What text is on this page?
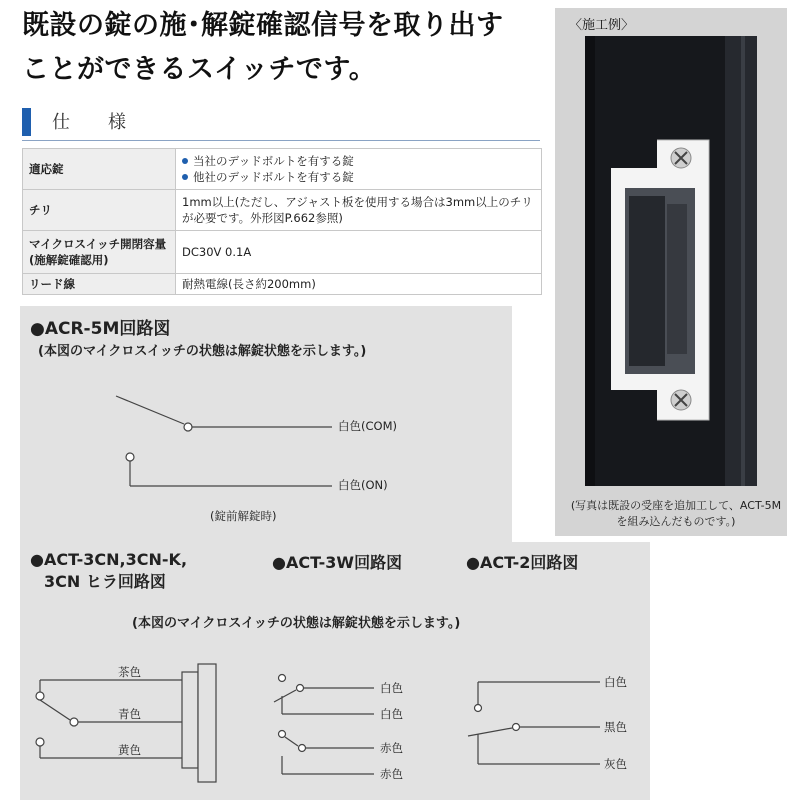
既設の錠の施･解錠確認信号を取り出す
ことができるスイッチです。
仕　様
適応錠	当社のデッドボルトを有する錠
他社のデッドボルトを有する錠

チリ	1mm以上(ただし、アジャスト板を使用する場合は3mm以上のチリが必要です。外形図P.662参照)
マイクロスイッチ開閉容量(施解錠確認用)	DC30V 0.1A
リード線	耐熱電線(長さ約200mm)
〈施工例〉
(写真は既設の受座を追加工して、ACT-5Mを組み込んだものです。)
●ACR-5M回路図
(本図のマイクロスイッチの状態は解錠状態を示します。)
白色(COM)
白色(ON)
(錠前解錠時)
●ACT-3CN,3CN-K,
3CN ヒラ回路図
●ACT-3W回路図	●ACT-2回路図
(本図のマイクロスイッチの状態は解錠状態を示します。)
茶色
青色
黄色
白色
白色
赤色
赤色
白色
黒色
灰色
